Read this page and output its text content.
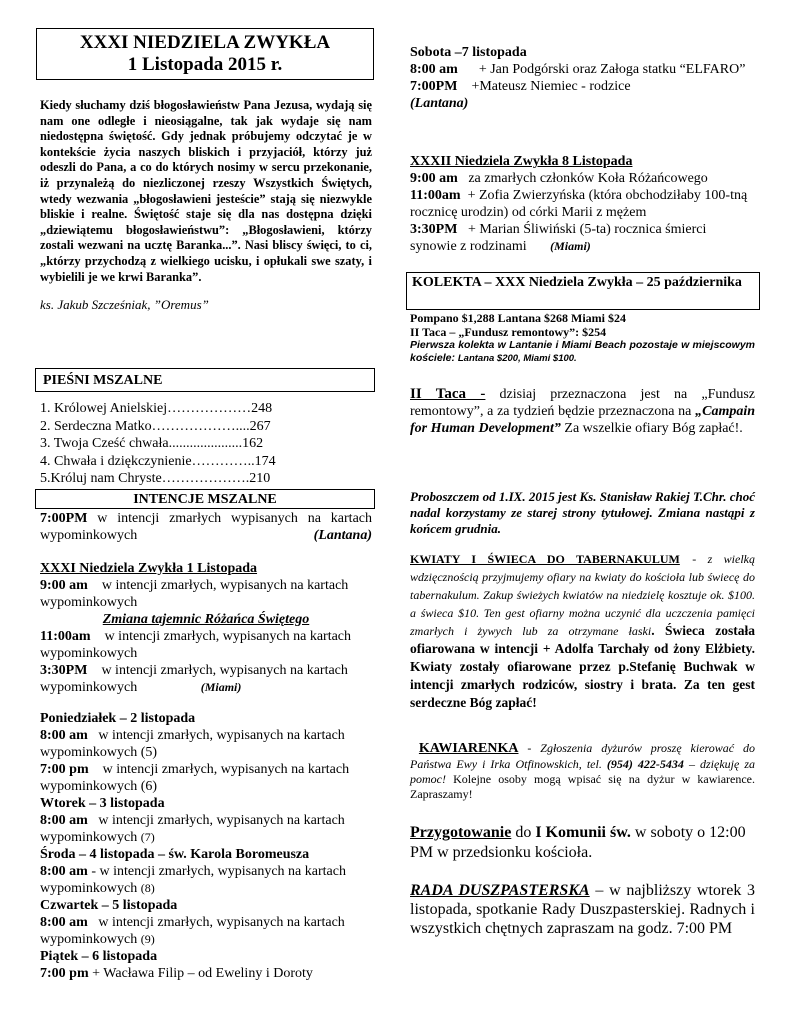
XXXI NIEDZIELA ZWYKŁA
1 Listopada 2015 r.

Kiedy słuchamy dziś błogosławieństw Pana Jezusa, wydają się nam one odległe i nieosiągalne, tak jak wydaje się nam niedostępna świętość. Gdy jednak próbujemy odczytać je w kontekście życia naszych bliskich i przyjaciół, którzy już odeszli do Pana, a co do których nosimy w sercu przekonanie, iż przynależą do niezliczonej rzeszy Wszystkich Świętych, wtedy wezwania „błogosławieni jesteście” stają się niezwykle bliskie i realne. Świętość staje się dla nas dostępna dzięki „dziewiątemu błogosławieństwu”: „Błogosławieni, którzy zostali wezwani na ucztę Baranka...”. Nasi bliscy święci, to ci, „którzy przychodzą z wielkiego ucisku, i opłukali swe szaty, i wybielili je we krwi Baranka”.

ks. Jakub Szcześniak, ”Oremus”

PIEŚNI MSZALNE
1. Królowej Anielskiej………………248
2. Serdeczna Matko………………....267
3. Twoja Cześć chwała.....................162
4. Chwała i dziękczynienie…………..174
5.Króluj nam Chryste……………….210
INTENCJE MSZALNE

7:00PM w intencji zmarłych wypisanych na kartach wypominkowych	(Lantana)

XXXI Niedziela Zwykła 1 Listopada

9:00 am w intencji zmarłych, wypisanych na kartach wypominkowych

Zmiana tajemnic Różańca Świętego

11:00am w intencji zmarłych, wypisanych na kartach wypominkowych

3:30PM w intencji zmarłych, wypisanych na kartach wypominkowych	(Miami)

Poniedziałek – 2 listopada

8:00 am w intencji zmarłych, wypisanych na kartach wypominkowych (5)

7:00 pm w intencji zmarłych, wypisanych na kartach wypominkowych (6)

Wtorek – 3 listopada

8:00 am w intencji zmarłych, wypisanych na kartach wypominkowych (7)

Środa – 4 listopada – św. Karola Boromeusza

8:00 am - w intencji zmarłych, wypisanych na kartach wypominkowych (8)

Czwartek – 5 listopada

8:00 am w intencji zmarłych, wypisanych na kartach wypominkowych (9)

Piątek – 6 listopada

7:00 pm + Wacława Filip – od Eweliny i Doroty

Sobota –7 listopada

8:00 am + Jan Podgórski oraz Załoga statku “ELFARO”

7:00PM +Mateusz Niemiec - rodzice

(Lantana)

XXXII Niedziela Zwykła 8 Listopada

9:00 am za zmarłych członków Koła Różańcowego

11:00am + Zofia Zwierzyńska (która obchodziłaby 100-tną rocznicę urodzin) od córki Marii z mężem

3:30PM + Marian Śliwiński (5-ta) rocznica śmierci synowie z rodzinami (Miami)

KOLEKTA – XXX Niedziela Zwykła – 25 października

Pompano $1,288 Lantana $268 Miami $24

II Taca – „Fundusz remontowy”: $254

Pierwsza kolekta w Lantanie i Miami Beach pozostaje w miejscowym kościele: Lantana $200, Miami $100.

II Taca - dzisiaj przeznaczona jest na „Fundusz remontowy”, a za tydzień będzie przeznaczona na „Campain for Human Development” Za wszelkie ofiary Bóg zapłać!.

Proboszczem od 1.IX. 2015 jest Ks. Stanisław Rakiej T.Chr. choć nadal korzystamy ze starej strony tytułowej. Zmiana nastąpi z końcem grudnia.

KWIATY I ŚWIECA DO TABERNAKULUM - z wielką wdzięcznością przyjmujemy ofiary na kwiaty do kościoła lub świecę do tabernakulum. Zakup świeżych kwiatów na niedzielę kosztuje ok. $100. a świeca $10. Ten gest ofiarny można uczynić dla uczczenia pamięci zmarłych i żywych lub za otrzymane łaski. Świeca została ofiarowana w intencji + Adolfa Tarchały od żony Elżbiety. Kwiaty zostały ofiarowane przez p.Stefanię Buchwak w intencji zmarłych rodziców, siostry i brata. Za ten gest serdeczne Bóg zapłać!
KAWIARENKA - Zgłoszenia dyżurów proszę kierować do Państwa Ewy i Irka Otfinowskich, tel. (954) 422-5434 – dziękuję za pomoc! Kolejne osoby mogą wpisać się na dyżur w kawiarence. Zapraszamy!
Przygotowanie do I Komunii św. w soboty o 12:00 PM w przedsionku kościoła.
RADA DUSZPASTERSKA – w najbliższy wtorek 3 listopada, spotkanie Rady Duszpasterskiej. Radnych i wszystkich chętnych zapraszam na godz. 7:00 PM
